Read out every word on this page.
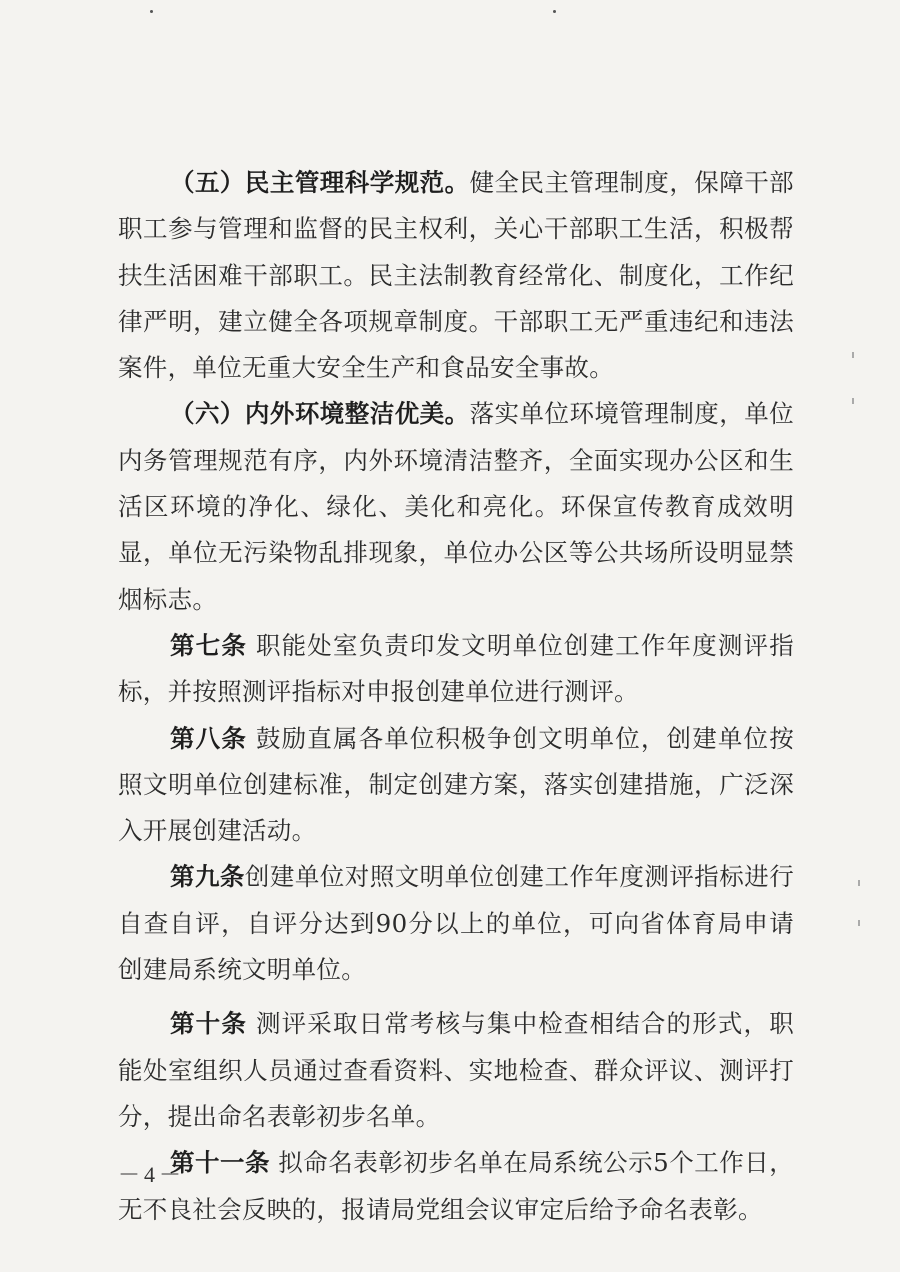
（五）民主管理科学规范。健全民主管理制度，保障干部职工参与管理和监督的民主权利，关心干部职工生活，积极帮扶生活困难干部职工。民主法制教育经常化、制度化，工作纪律严明，建立健全各项规章制度。干部职工无严重违纪和违法案件，单位无重大安全生产和食品安全事故。

（六）内外环境整洁优美。落实单位环境管理制度，单位内务管理规范有序，内外环境清洁整齐，全面实现办公区和生活区环境的净化、绿化、美化和亮化。环保宣传教育成效明显，单位无污染物乱排现象，单位办公区等公共场所设明显禁烟标志。

第七条 职能处室负责印发文明单位创建工作年度测评指标，并按照测评指标对申报创建单位进行测评。

第八条 鼓励直属各单位积极争创文明单位，创建单位按照文明单位创建标准，制定创建方案，落实创建措施，广泛深入开展创建活动。

第九条创建单位对照文明单位创建工作年度测评指标进行自查自评，自评分达到90分以上的单位，可向省体育局申请创建局系统文明单位。

第十条 测评采取日常考核与集中检查相结合的形式，职能处室组织人员通过查看资料、实地检查、群众评议、测评打分，提出命名表彰初步名单。

第十一条 拟命名表彰初步名单在局系统公示5个工作日，无不良社会反映的，报请局党组会议审定后给予命名表彰。

－4－
